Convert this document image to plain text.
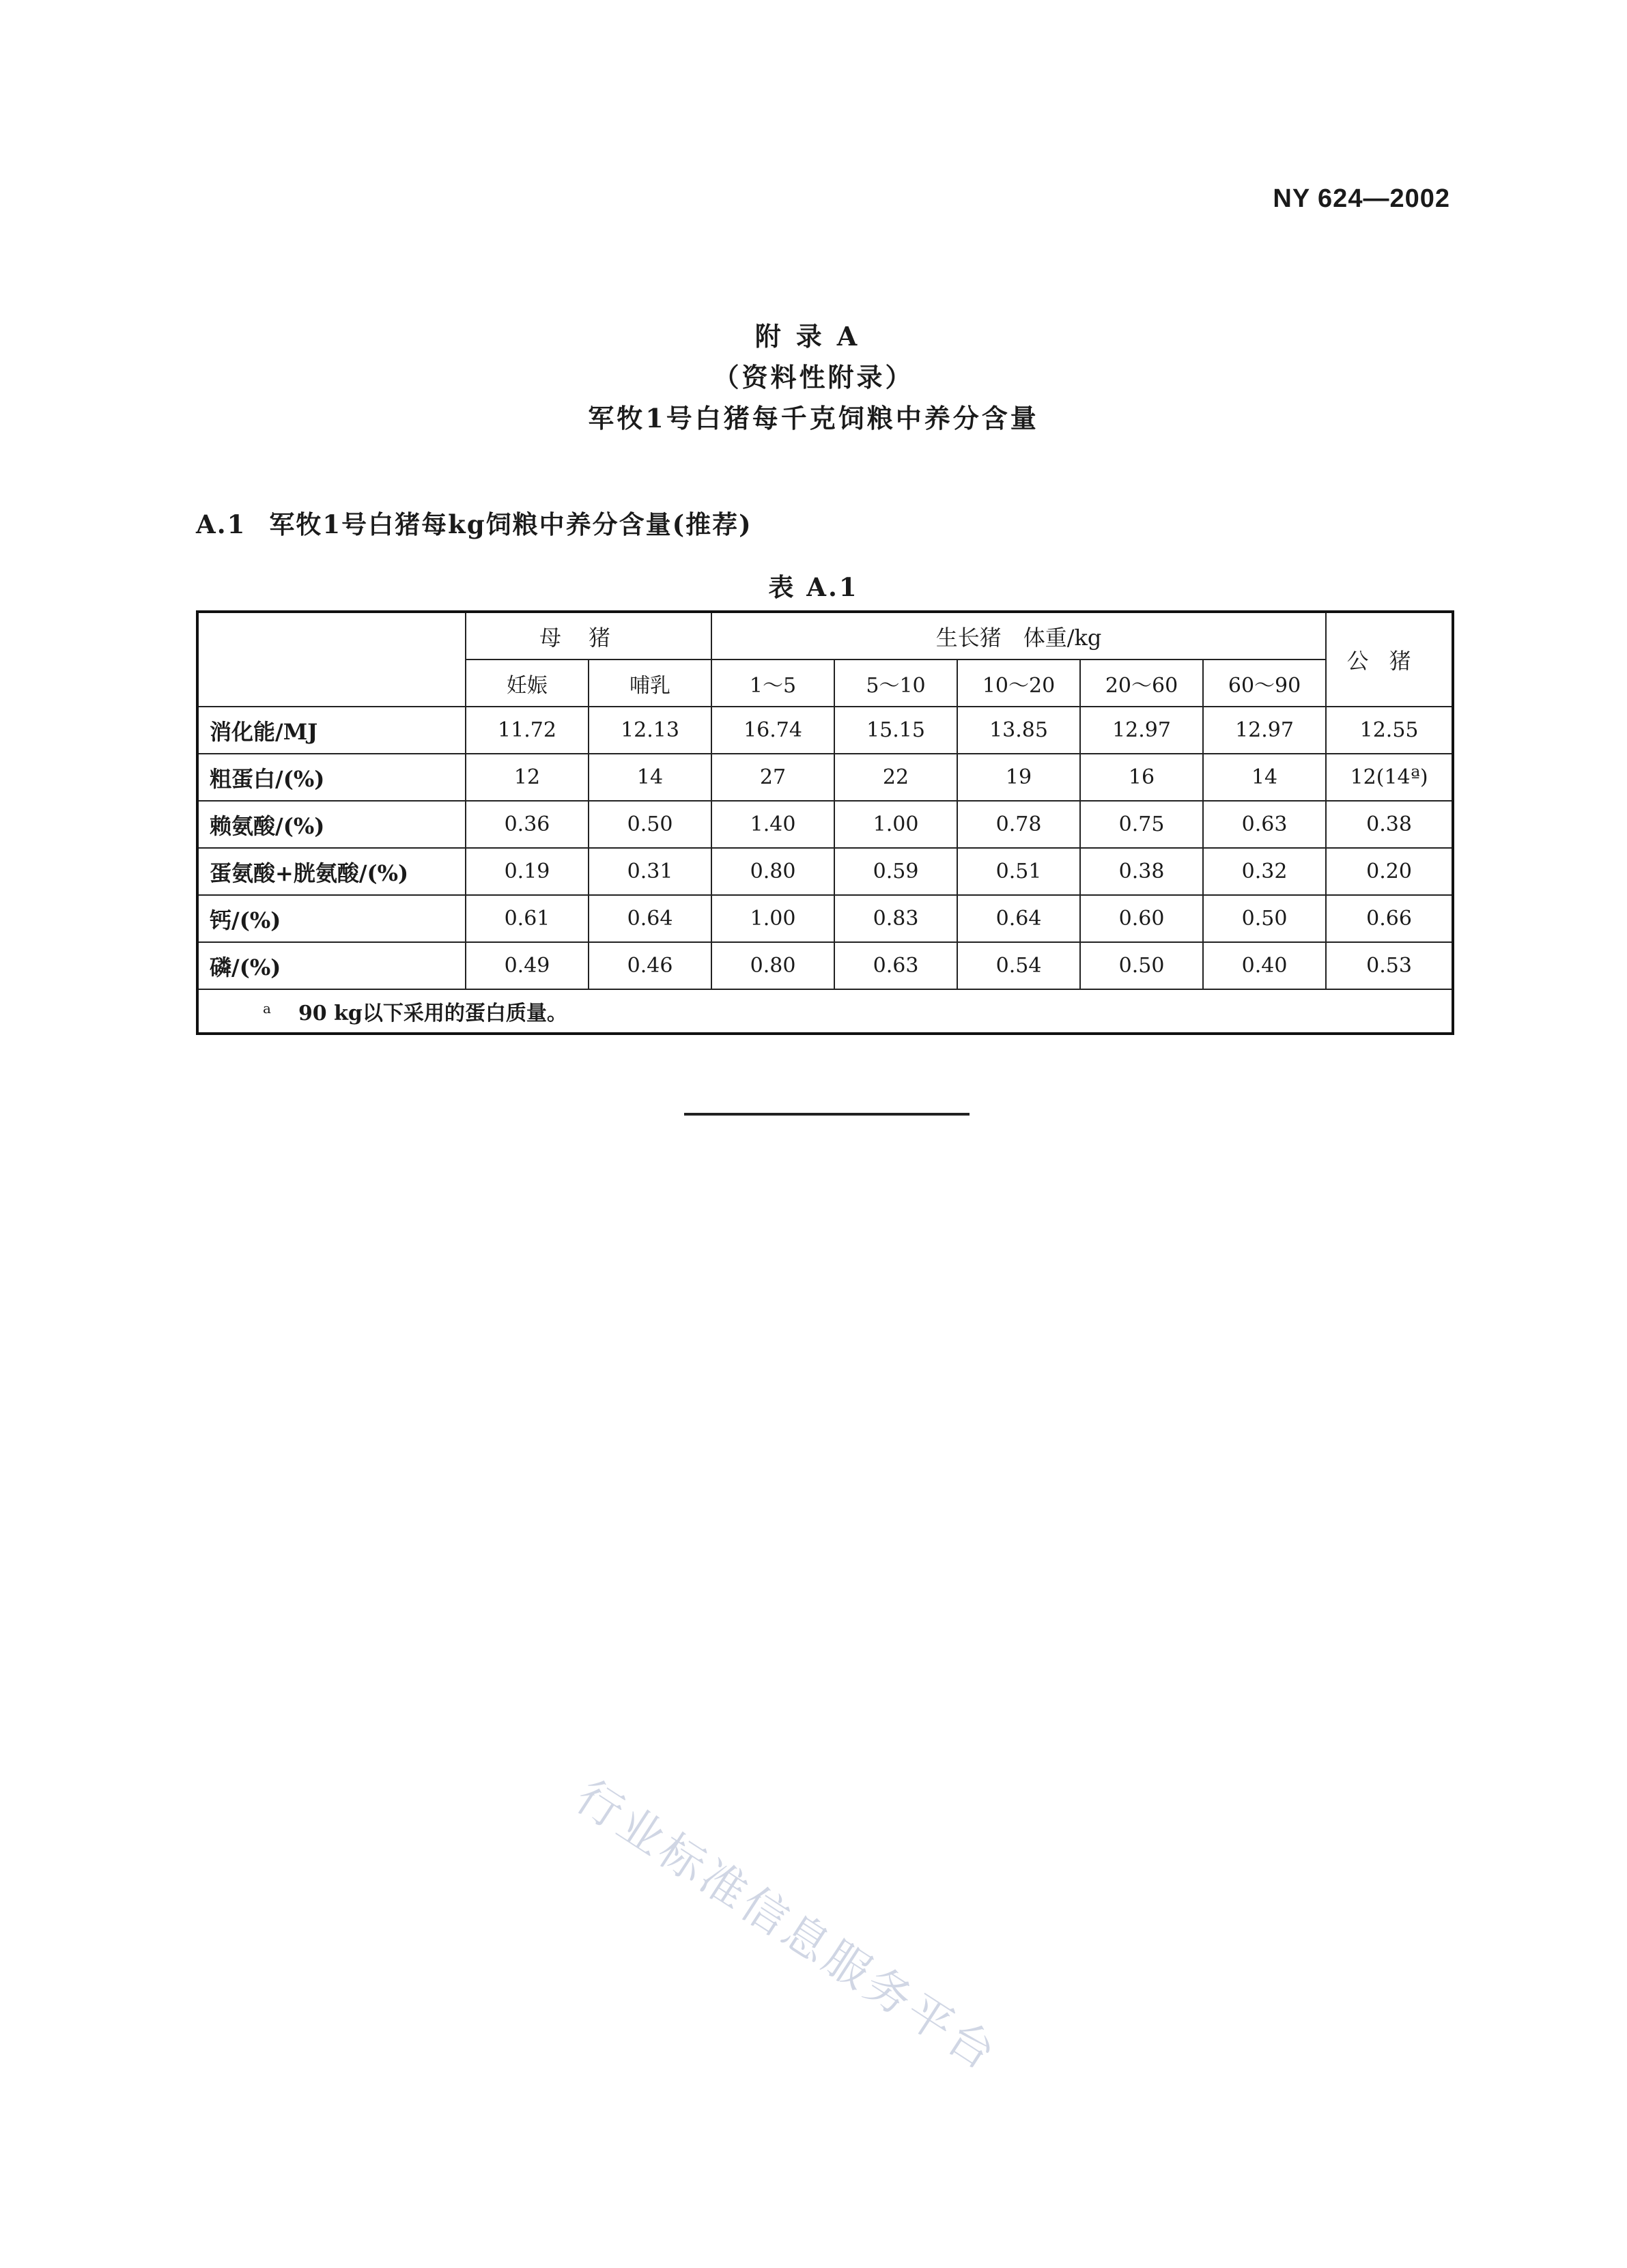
NY 624—2002
附录A
（资料性附录）
军牧1号白猪每千克饲粮中养分含量
A.1 军牧1号白猪每kg饲粮中养分含量(推荐)
表 A.1
	母猪		生长猪　体重/kg					公猪
	妊娠	哺乳	1～5	5～10	10～20	20～60	60～90	
消化能/MJ	11.72	12.13	16.74	15.15	13.85	12.97	12.97	12.55
粗蛋白/(%)	12	14	27	22	19	16	14	12(14ª)
赖氨酸/(%)	0.36	0.50	1.40	1.00	0.78	0.75	0.63	0.38
蛋氨酸+胱氨酸/(%)	0.19	0.31	0.80	0.59	0.51	0.38	0.32	0.20
钙/(%)	0.61	0.64	1.00	0.83	0.64	0.60	0.50	0.66
磷/(%)	0.49	0.46	0.80	0.63	0.54	0.50	0.40	0.53
$^a$ 90 kg以下采用的蛋白质量。								
行业标准信息服务平台
